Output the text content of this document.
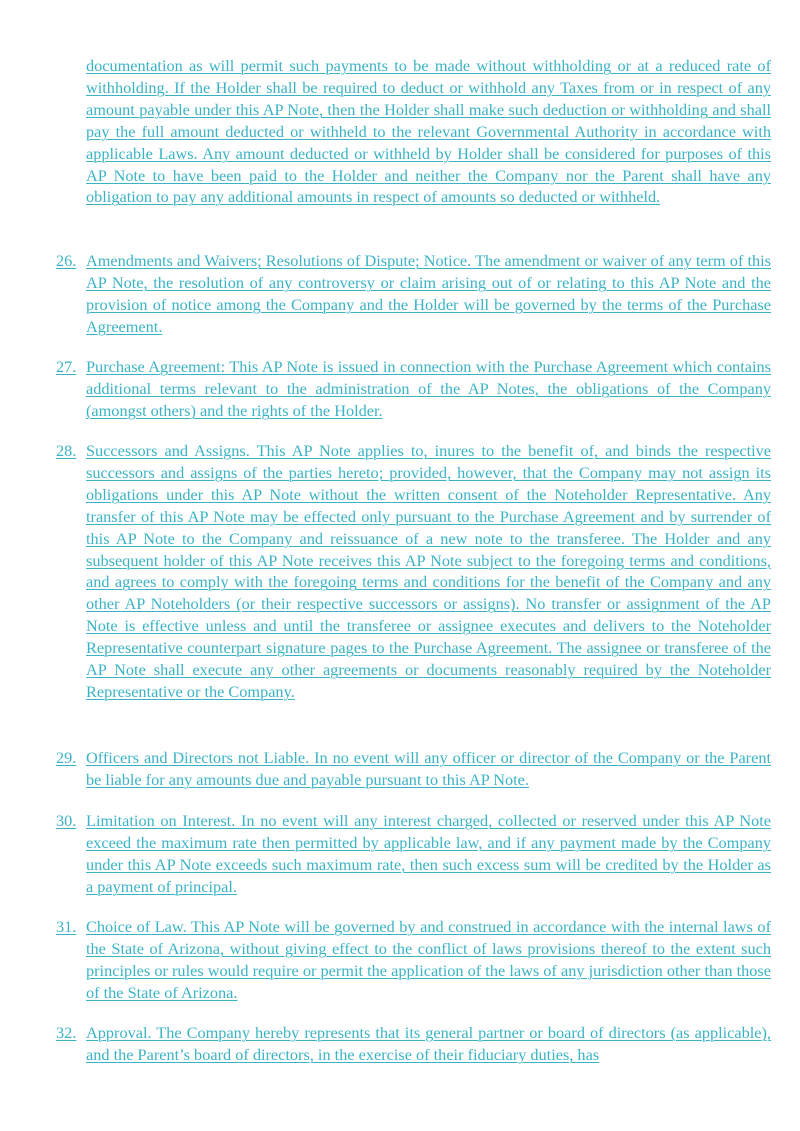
documentation as will permit such payments to be made without withholding or at a reduced rate of withholding. If the Holder shall be required to deduct or withhold any Taxes from or in respect of any amount payable under this AP Note, then the Holder shall make such deduction or withholding and shall pay the full amount deducted or withheld to the relevant Governmental Authority in accordance with applicable Laws. Any amount deducted or withheld by Holder shall be considered for purposes of this AP Note to have been paid to the Holder and neither the Company nor the Parent shall have any obligation to pay any additional amounts in respect of amounts so deducted or withheld.

26. Amendments and Waivers; Resolutions of Dispute; Notice. The amendment or waiver of any term of this AP Note, the resolution of any controversy or claim arising out of or relating to this AP Note and the provision of notice among the Company and the Holder will be governed by the terms of the Purchase Agreement.
27. Purchase Agreement: This AP Note is issued in connection with the Purchase Agreement which contains additional terms relevant to the administration of the AP Notes, the obligations of the Company (amongst others) and the rights of the Holder.
28. Successors and Assigns. This AP Note applies to, inures to the benefit of, and binds the respective successors and assigns of the parties hereto; provided, however, that the Company may not assign its obligations under this AP Note without the written consent of the Noteholder Representative. Any transfer of this AP Note may be effected only pursuant to the Purchase Agreement and by surrender of this AP Note to the Company and reissuance of a new note to the transferee. The Holder and any subsequent holder of this AP Note receives this AP Note subject to the foregoing terms and conditions, and agrees to comply with the foregoing terms and conditions for the benefit of the Company and any other AP Noteholders (or their respective successors or assigns). No transfer or assignment of the AP Note is effective unless and until the transferee or assignee executes and delivers to the Noteholder Representative counterpart signature pages to the Purchase Agreement. The assignee or transferee of the AP Note shall execute any other agreements or documents reasonably required by the Noteholder Representative or the Company.
29. Officers and Directors not Liable. In no event will any officer or director of the Company or the Parent be liable for any amounts due and payable pursuant to this AP Note.
30. Limitation on Interest. In no event will any interest charged, collected or reserved under this AP Note exceed the maximum rate then permitted by applicable law, and if any payment made by the Company under this AP Note exceeds such maximum rate, then such excess sum will be credited by the Holder as a payment of principal.
31. Choice of Law. This AP Note will be governed by and construed in accordance with the internal laws of the State of Arizona, without giving effect to the conflict of laws provisions thereof to the extent such principles or rules would require or permit the application of the laws of any jurisdiction other than those of the State of Arizona.
32. Approval. The Company hereby represents that its general partner or board of directors (as applicable), and the Parent’s board of directors, in the exercise of their fiduciary duties, has
